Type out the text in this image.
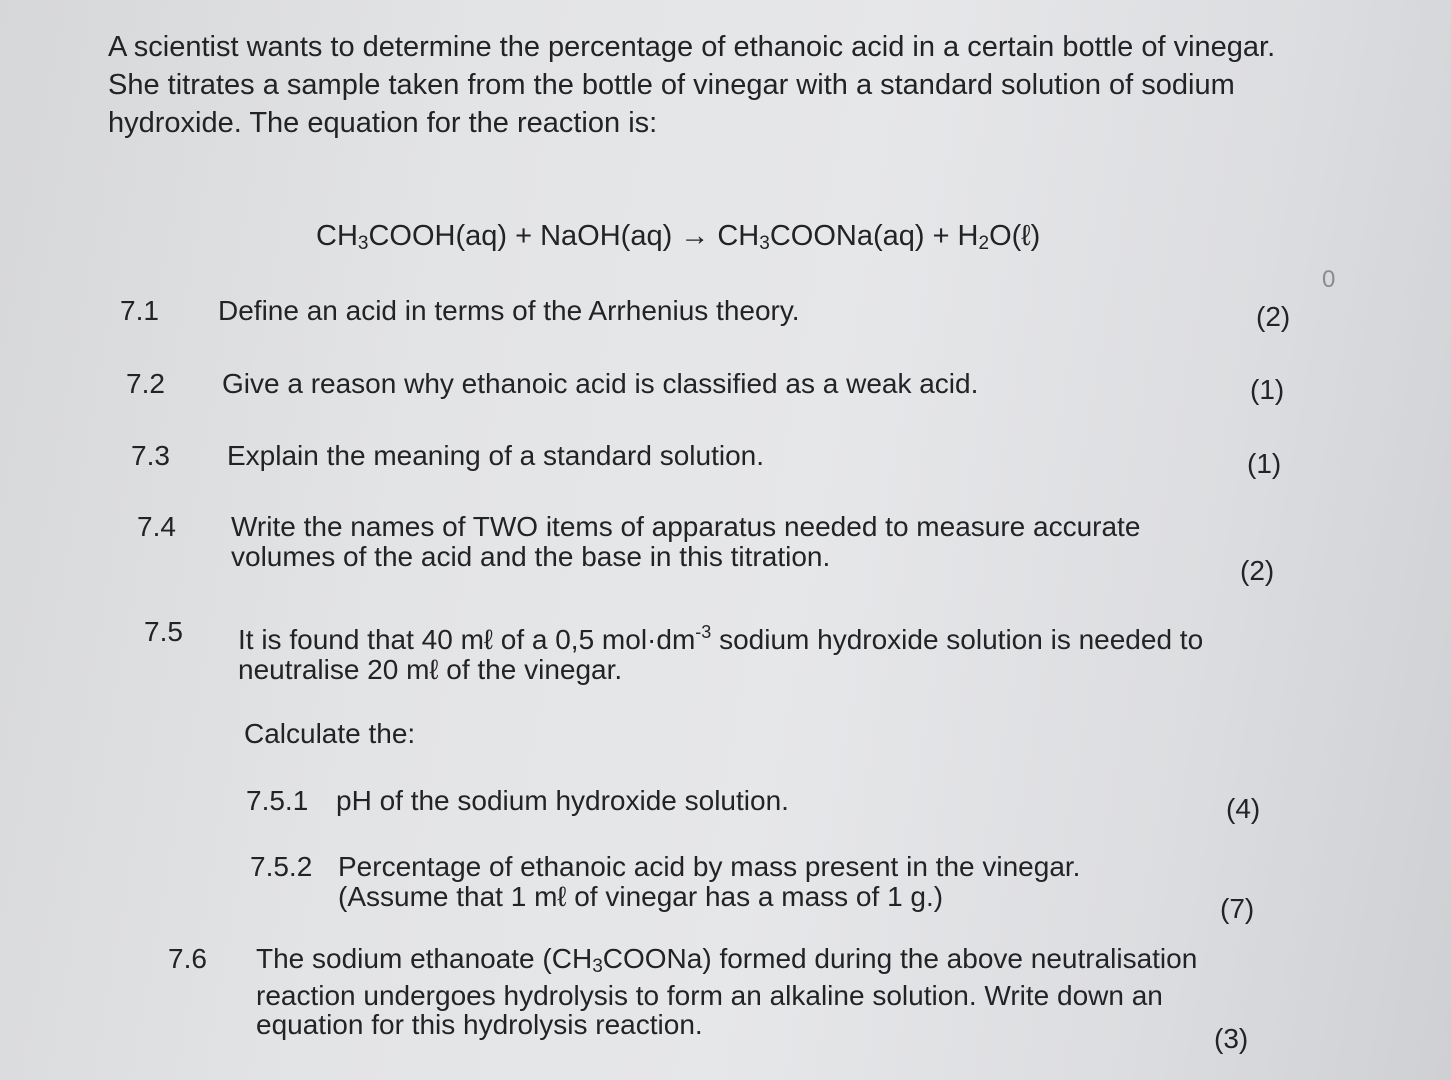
A scientist wants to determine the percentage of ethanoic acid in a certain bottle of vinegar.

She titrates a sample taken from the bottle of vinegar with a standard solution of sodium hydroxide. The equation for the reaction is:

$CH_3COOH(aq)$ + NaOH(aq) → $CH_3COONa(aq)$ + $H_2O(\ell)$
0
7.1 Define an acid in terms of the Arrhenius theory.	(2)
7.2 Give a reason why ethanoic acid is classified as a weak acid.	(1)
7.3 Explain the meaning of a standard solution.	(1)
7.4 Write the names of TWO items of apparatus needed to measure accurate

volumes of the acid and the base in this titration.	(2)
7.5 It is found that 40 mℓ of a 0,5 $mol\cdot dm^{-3}$ sodium hydroxide solution is needed to

neutralise 20 mℓ of the vinegar.

Calculate the:

7.5.1 pH of the sodium hydroxide solution.	(4)
7.5.2 Percentage of ethanoic acid by mass present in the vinegar.

(Assume that 1 mℓ of vinegar has a mass of 1 g.)	(7)
7.6 The sodium ethanoate $(CH_3COONa)$ formed during the above neutralisation

reaction undergoes hydrolysis to form an alkaline solution. Write down an

equation for this hydrolysis reaction.	(3)
